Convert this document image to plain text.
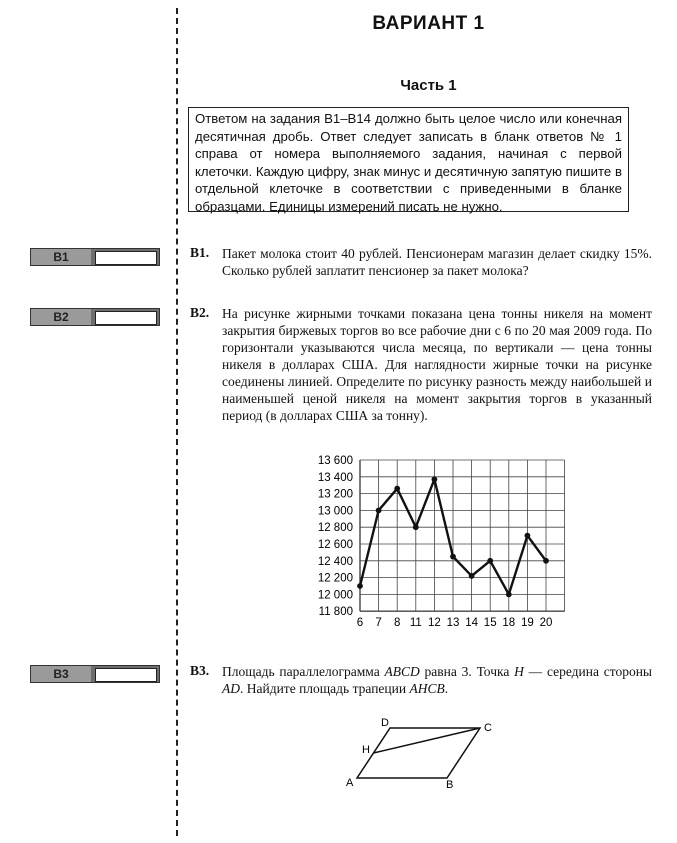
ВАРИАНТ 1
Часть 1
Ответом на задания В1–В14 должно быть целое число или конечная десятичная дробь. Ответ следует записать в бланк ответов № 1 справа от номера выполняемого задания, начиная с первой клеточки. Каждую цифру, знак минус и десятичную запятую пишите в отдельной клеточке в соответствии с приведенными в бланке образцами. Единицы измерений писать не нужно.
В1	В1. Пакет молока стоит 40 рублей. Пенсионерам магазин делает скидку 15%. Сколько рублей заплатит пенсионер за пакет молока?
В2	В2. На рисунке жирными точками показана цена тонны никеля на момент закрытия биржевых торгов во все рабочие дни с 6 по 20 мая 2009 года. По горизонтали указываются числа месяца, по вертикали — цена тонны никеля в долларах США. Для наглядности жирные точки на рисунке соединены линией. Определите по рисунку разность между наибольшей и наименьшей ценой никеля на момент закрытия торгов в указанный период (в долларах США за тонну).
11 800
12 000
12 200
12 400
12 600
12 800
13 000
13 200
13 400
13 600
6 7 8 11 12 13 14 15 18 19 20
В3	В3. Площадь параллелограмма ABCD равна 3. Точка H — середина стороны AD. Найдите площадь трапеции AHCB.
A	B
C
D
H
